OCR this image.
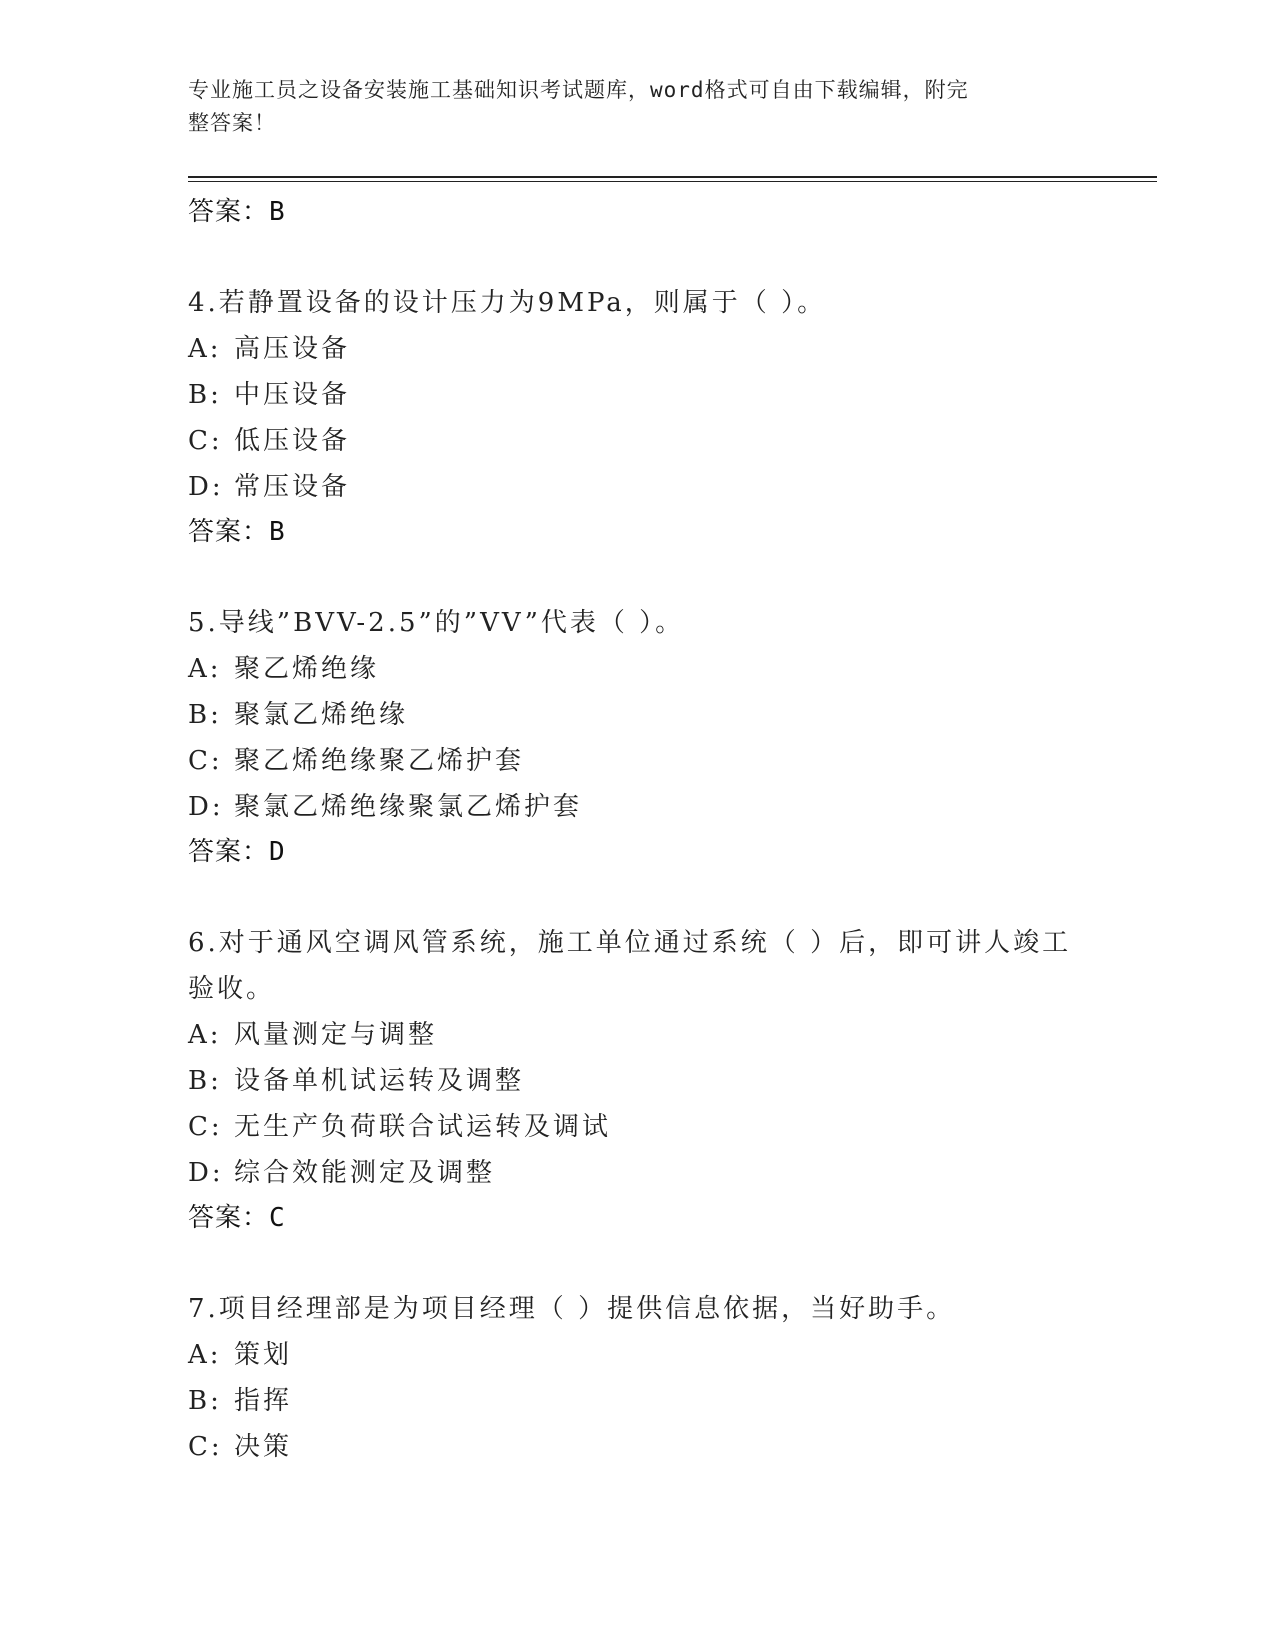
专业施工员之设备安装施工基础知识考试题库，word格式可自由下载编辑，附完
整答案！
答案：B
4.若静置设备的设计压力为9MPa，则属于（ ）。
A: 高压设备
B: 中压设备
C: 低压设备
D: 常压设备
答案：B
5.导线”BVV-2.5”的”VV”代表（ ）。
A: 聚乙烯绝缘
B: 聚氯乙烯绝缘
C: 聚乙烯绝缘聚乙烯护套
D: 聚氯乙烯绝缘聚氯乙烯护套
答案：D
6.对于通风空调风管系统，施工单位通过系统（ ）后，即可讲人竣工
验收。
A: 风量测定与调整
B: 设备单机试运转及调整
C: 无生产负荷联合试运转及调试
D: 综合效能测定及调整
答案：C
7.项目经理部是为项目经理（ ）提供信息依据，当好助手。
A: 策划
B: 指挥
C: 决策
